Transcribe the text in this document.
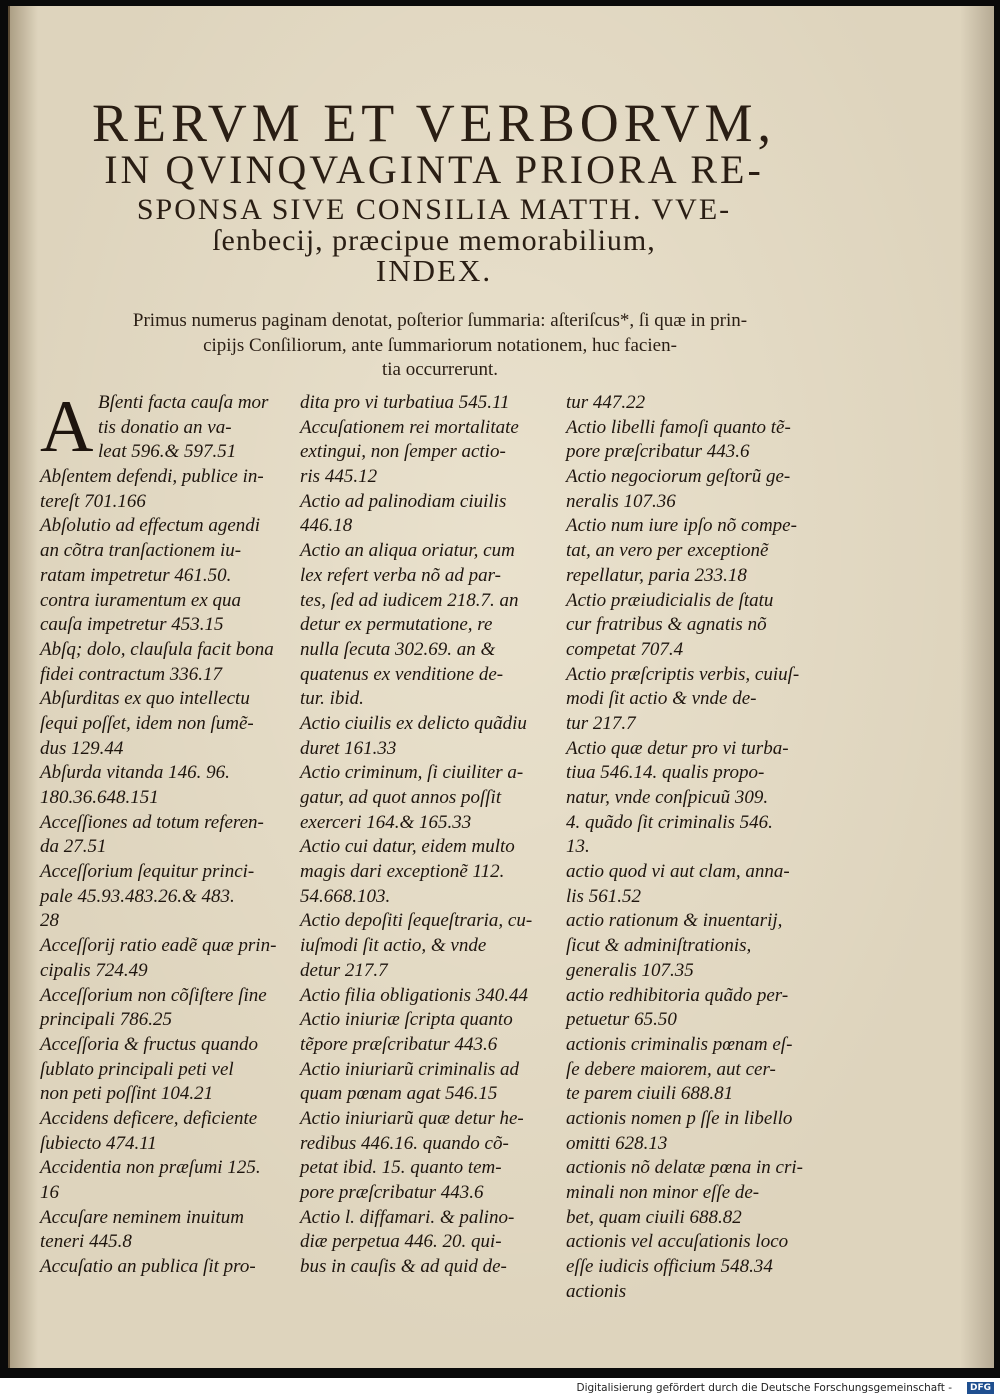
RERVM ET VERBORVM,
IN QVINQVAGINTA PRIORA RE-
SPONSA SIVE CONSILIA MATTH. VVE-
ſenbecij, præcipue memorabilium,
INDEX.
Primus numerus paginam denotat, poſterior ſummaria: aſteriſcus*, ſi quæ in prin-
cipijs Conſiliorum, ante ſummariorum notationem, huc facien-
tia occurrerunt.
A Bſenti facta cauſa mor
tis donatio an va-
leat 596.& 597.51
Abſentem defendi, publice in-
tereſt 701.166
Abſolutio ad effectum agendi
an cõtra tranſactionem iu-
ratam impetretur 461.50.
contra iuramentum ex qua
cauſa impetretur 453.15
Abſq; dolo, clauſula facit bona
fidei contractum 336.17
Abſurditas ex quo intellectu
ſequi poſſet, idem non ſumẽ-
dus 129.44
Abſurda vitanda 146. 96.
180.36.648.151
Acceſſiones ad totum referen-
da 27.51
Acceſſorium ſequitur princi-
pale 45.93.483.26.& 483.
28
Acceſſorij ratio eadẽ quæ prin-
cipalis 724.49
Acceſſorium non cõſiſtere ſine
principali 786.25
Acceſſoria & fructus quando
ſublato principali peti vel
non peti poſſint 104.21
Accidens deficere, deficiente
ſubiecto 474.11
Accidentia non præſumi 125.
16
Accuſare neminem inuitum
teneri 445.8
Accuſatio an publica ſit pro-
dita pro vi turbatiua 545.11
Accuſationem rei mortalitate
extingui, non ſemper actio-
ris 445.12
Actio ad palinodiam ciuilis
446.18
Actio an aliqua oriatur, cum
lex refert verba nõ ad par-
tes, ſed ad iudicem 218.7. an
detur ex permutatione, re
nulla ſecuta 302.69. an &
quatenus ex venditione de-
tur. ibid.
Actio ciuilis ex delicto quãdiu
duret 161.33
Actio criminum, ſi ciuiliter a-
gatur, ad quot annos poſſit
exerceri 164.& 165.33
Actio cui datur, eidem multo
magis dari exceptionẽ 112.
54.668.103.
Actio depoſiti ſequeſtraria, cu-
iuſmodi ſit actio, & vnde
detur 217.7
Actio filia obligationis 340.44
Actio iniuriæ ſcripta quanto
tẽpore præſcribatur 443.6
Actio iniuriarũ criminalis ad
quam pœnam agat 546.15
Actio iniuriarũ quæ detur he-
redibus 446.16. quando cõ-
petat ibid. 15. quanto tem-
pore præſcribatur 443.6
Actio l. diffamari. & palino-
diæ perpetua 446. 20. qui-
bus in cauſis & ad quid de-
tur 447.22
Actio libelli famoſi quanto tẽ-
pore præſcribatur 443.6
Actio negociorum geſtorũ ge-
neralis 107.36
Actio num iure ipſo nõ compe-
tat, an vero per exceptionẽ
repellatur, paria 233.18
Actio præiudicialis de ſtatu
cur fratribus & agnatis nõ
competat 707.4
Actio præſcriptis verbis, cuiuſ-
modi ſit actio & vnde de-
tur 217.7
Actio quæ detur pro vi turba-
tiua 546.14. qualis propo-
natur, vnde conſpicuũ 309.
4. quãdo ſit criminalis 546.
13.
actio quod vi aut clam, anna-
lis 561.52
actio rationum & inuentarij,
ſicut & adminiſtrationis,
generalis 107.35
actio redhibitoria quãdo per-
petuetur 65.50
actionis criminalis pœnam eſ-
ſe debere maiorem, aut cer-
te parem ciuili 688.81
actionis nomen p ſſe in libello
omitti 628.13
actionis nõ delatæ pœna in cri-
minali non minor eſſe de-
bet, quam ciuili 688.82
actionis vel accuſationis loco
eſſe iudicis officium 548.34
actionis
Digitalisierung gefördert durch die Deutsche Forschungsgemeinschaft -	DFG
